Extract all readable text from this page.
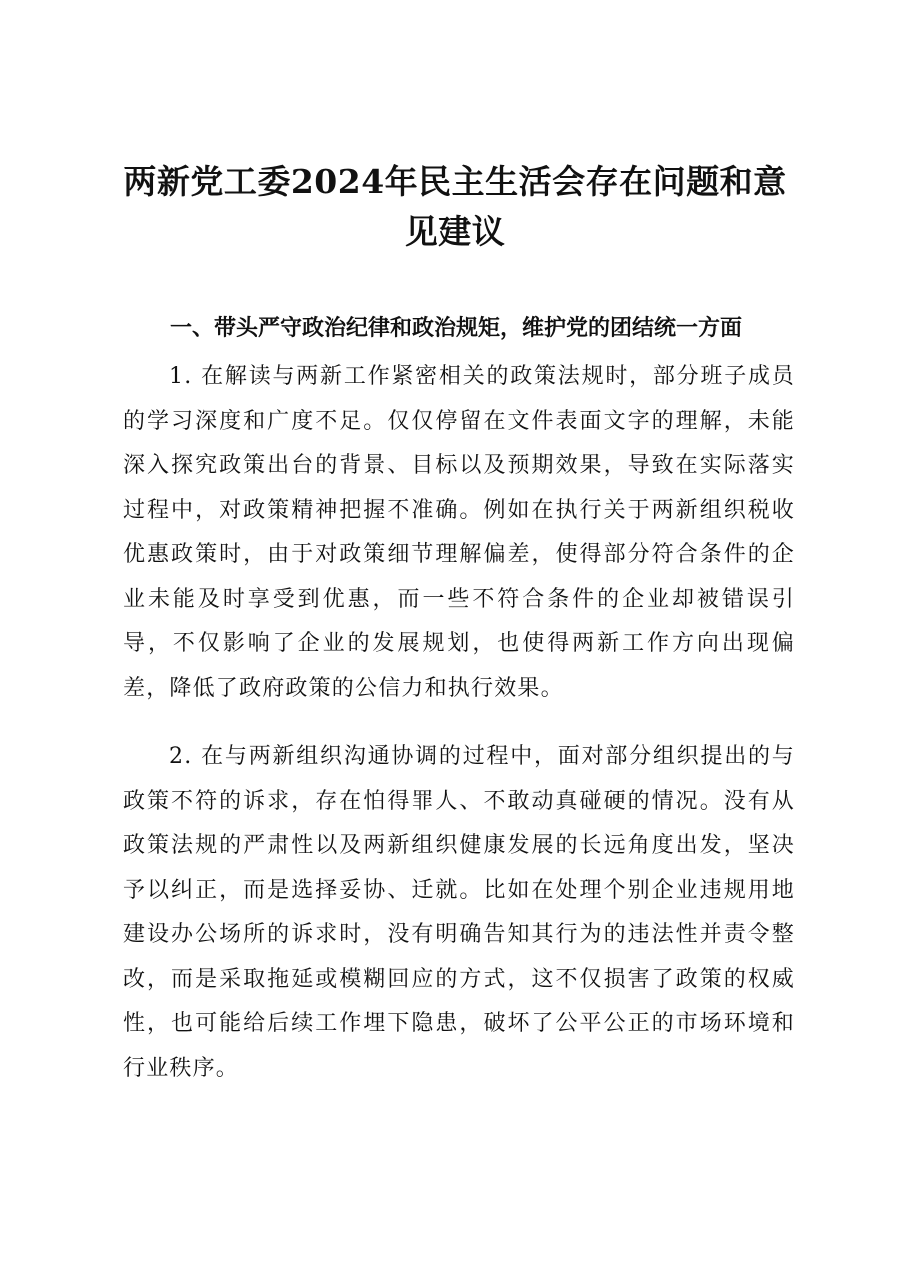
两新党工委2024年民主生活会存在问题和意见建议
一、带头严守政治纪律和政治规矩，维护党的团结统一方面

1. 在解读与两新工作紧密相关的政策法规时，部分班子成员的学习深度和广度不足。仅仅停留在文件表面文字的理解，未能深入探究政策出台的背景、目标以及预期效果，导致在实际落实过程中，对政策精神把握不准确。例如在执行关于两新组织税收优惠政策时，由于对政策细节理解偏差，使得部分符合条件的企业未能及时享受到优惠，而一些不符合条件的企业却被错误引导，不仅影响了企业的发展规划，也使得两新工作方向出现偏差，降低了政府政策的公信力和执行效果。

2. 在与两新组织沟通协调的过程中，面对部分组织提出的与政策不符的诉求，存在怕得罪人、不敢动真碰硬的情况。没有从政策法规的严肃性以及两新组织健康发展的长远角度出发，坚决予以纠正，而是选择妥协、迁就。比如在处理个别企业违规用地建设办公场所的诉求时，没有明确告知其行为的违法性并责令整改，而是采取拖延或模糊回应的方式，这不仅损害了政策的权威性，也可能给后续工作埋下隐患，破坏了公平公正的市场环境和行业秩序。
